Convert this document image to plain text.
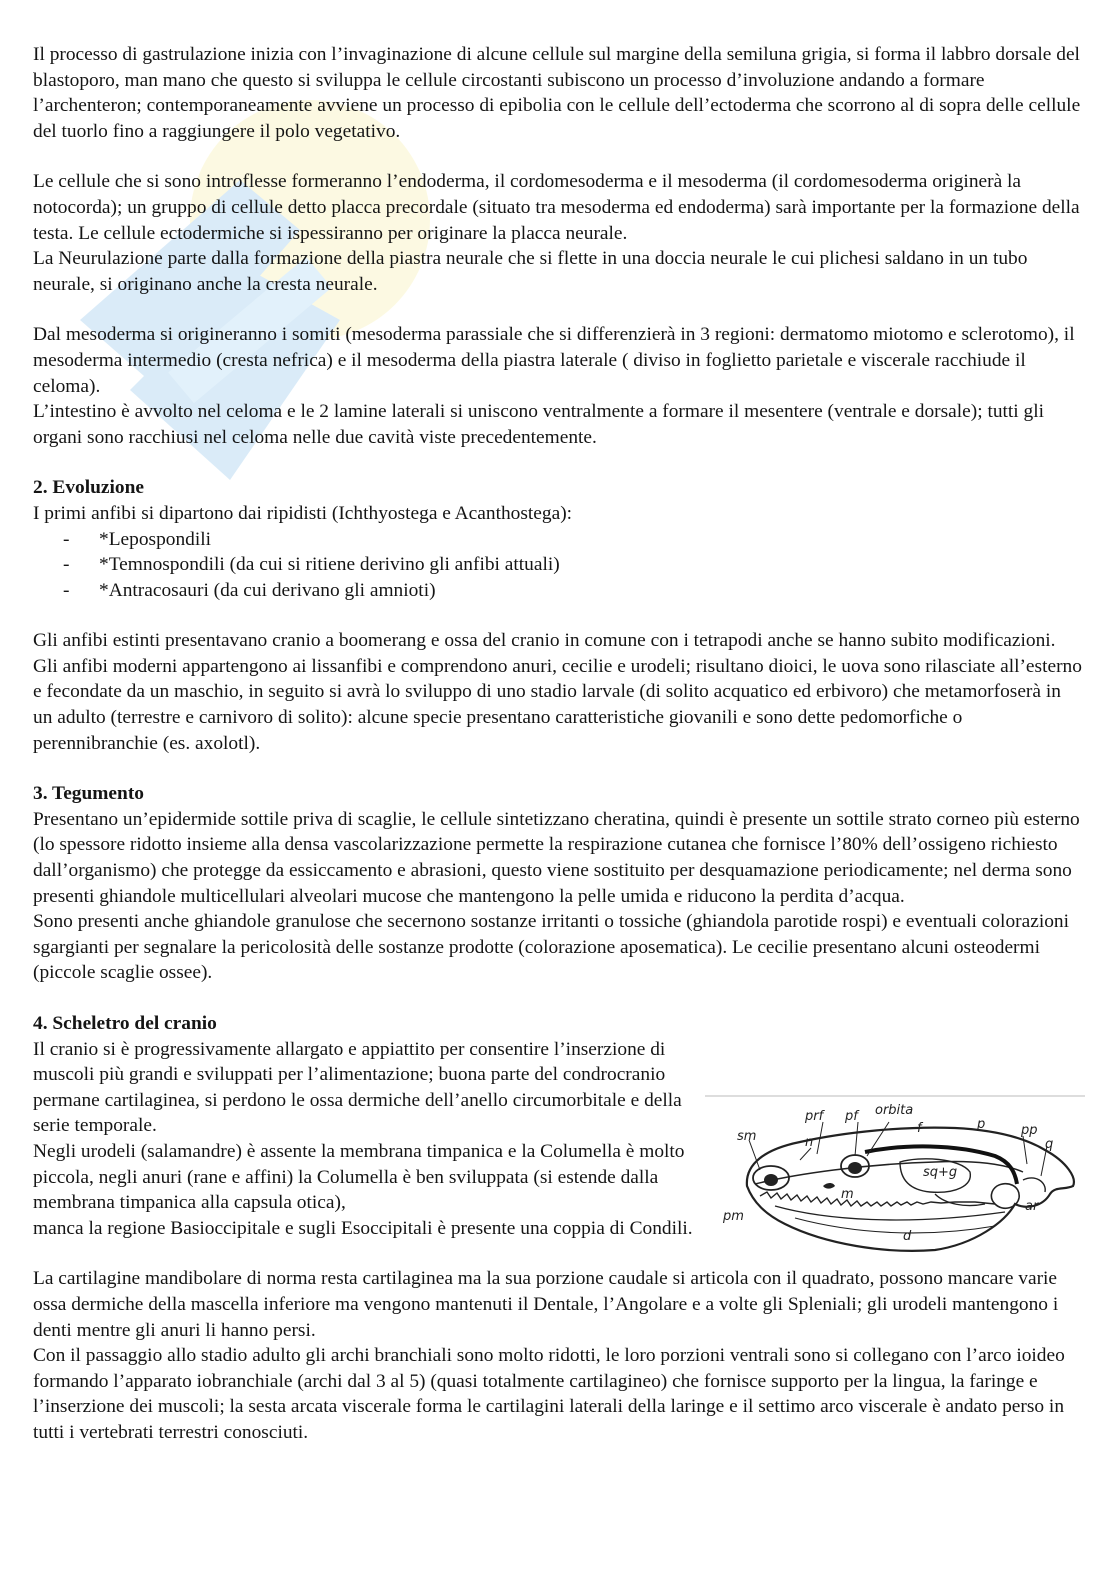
Il processo di gastrulazione inizia con l’invaginazione di alcune cellule sul margine della semiluna grigia, si forma il labbro dorsale del blastoporo, man mano che questo si sviluppa le cellule circostanti subiscono un processo d’involuzione andando a formare l’archenteron; contemporaneamente avviene un processo di epibolia con le cellule dell’ectoderma che scorrono al di sopra delle cellule del tuorlo fino a raggiungere il polo vegetativo.

Le cellule che si sono introflesse formeranno l’endoderma, il cordomesoderma e il mesoderma (il cordomesoderma originerà la notocorda); un gruppo di cellule detto placca precordale (situato tra mesoderma ed endoderma) sarà importante per la formazione della testa. Le cellule ectodermiche si ispessiranno per originare la placca neurale.

La Neurulazione parte dalla formazione della piastra neurale che si flette in una doccia neurale le cui plichesi saldano in un tubo neurale, si originano anche la cresta neurale.

Dal mesoderma si origineranno i somiti (mesoderma parassiale che si differenzierà in 3 regioni: dermatomo miotomo e sclerotomo), il mesoderma intermedio (cresta nefrica) e il mesoderma della piastra laterale ( diviso in foglietto parietale e viscerale racchiude il celoma).

L’intestino è avvolto nel celoma e le 2 lamine laterali si uniscono ventralmente a formare il mesentere (ventrale e dorsale); tutti gli organi sono racchiusi nel celoma nelle due cavità viste precedentemente.

2. Evoluzione

I primi anfibi si dipartono dai ripidisti (Ichthyostega e Acanthostega):

- *Lepospondili
- *Temnospondili (da cui si ritiene derivino gli anfibi attuali)
- *Antracosauri (da cui derivano gli amnioti)

Gli anfibi estinti presentavano cranio a boomerang e ossa del cranio in comune con i tetrapodi anche se hanno subito modificazioni.

Gli anfibi moderni appartengono ai lissanfibi e comprendono anuri, cecilie e urodeli; risultano dioici, le uova sono rilasciate all’esterno e fecondate da un maschio, in seguito si avrà lo sviluppo di uno stadio larvale (di solito acquatico ed erbivoro) che metamorfoserà in un adulto (terrestre e carnivoro di solito): alcune specie presentano caratteristiche giovanili e sono dette pedomorfiche o perennibranchie (es. axolotl).

3. Tegumento

Presentano un’epidermide sottile priva di scaglie, le cellule sintetizzano cheratina, quindi è presente un sottile strato corneo più esterno (lo spessore ridotto insieme alla densa vascolarizzazione permette la respirazione cutanea che fornisce l’80% dell’ossigeno richiesto dall’organismo) che protegge da essiccamento e abrasioni, questo viene sostituito per desquamazione periodicamente; nel derma sono presenti ghiandole multicellulari alveolari mucose che mantengono la pelle umida e riducono la perdita d’acqua.

Sono presenti anche ghiandole granulose che secernono sostanze irritanti o tossiche (ghiandola parotide rospi) e eventuali colorazioni sgargianti per segnalare la pericolosità delle sostanze prodotte (colorazione aposematica). Le cecilie presentano alcuni osteodermi (piccole scaglie ossee).

4. Scheletro del cranio

Il cranio si è progressivamente allargato e appiattito per consentire l’inserzione di muscoli più grandi e sviluppati per l’alimentazione; buona parte del condrocranio permane cartilaginea, si perdono le ossa dermiche dell’anello circumorbitale e della serie temporale.

Negli urodeli (salamandre) è assente la membrana timpanica e la Columella è molto piccola, negli anuri (rane e affini) la Columella è ben sviluppata (si estende dalla membrana timpanica alla capsula otica),

manca la regione Basioccipitale e sugli Esoccipitali è presente una coppia di Condili.

La cartilagine mandibolare di norma resta cartilaginea ma la sua porzione caudale si articola con il quadrato, possono mancare varie ossa dermiche della mascella inferiore ma vengono mantenuti il Dentale, l’Angolare e a volte gli Spleniali; gli urodeli mantengono i denti mentre gli anuri li hanno persi.

Con il passaggio allo stadio adulto gli archi branchiali sono molto ridotti, le loro porzioni ventrali sono si collegano con l’arco ioideo formando l’apparato iobranchiale (archi dal 3 al 5) (quasi totalmente cartilagineo) che fornisce supporto per la lingua, la faringe e l’inserzione dei muscoli; la sesta arcata viscerale forma le cartilagini laterali della laringe e il settimo arco viscerale è andato perso in tutti i vertebrati terrestri conosciuti.

sm	n
prf pf orbita
f	p	pp
q
sq+g
m
pm
ar
d
